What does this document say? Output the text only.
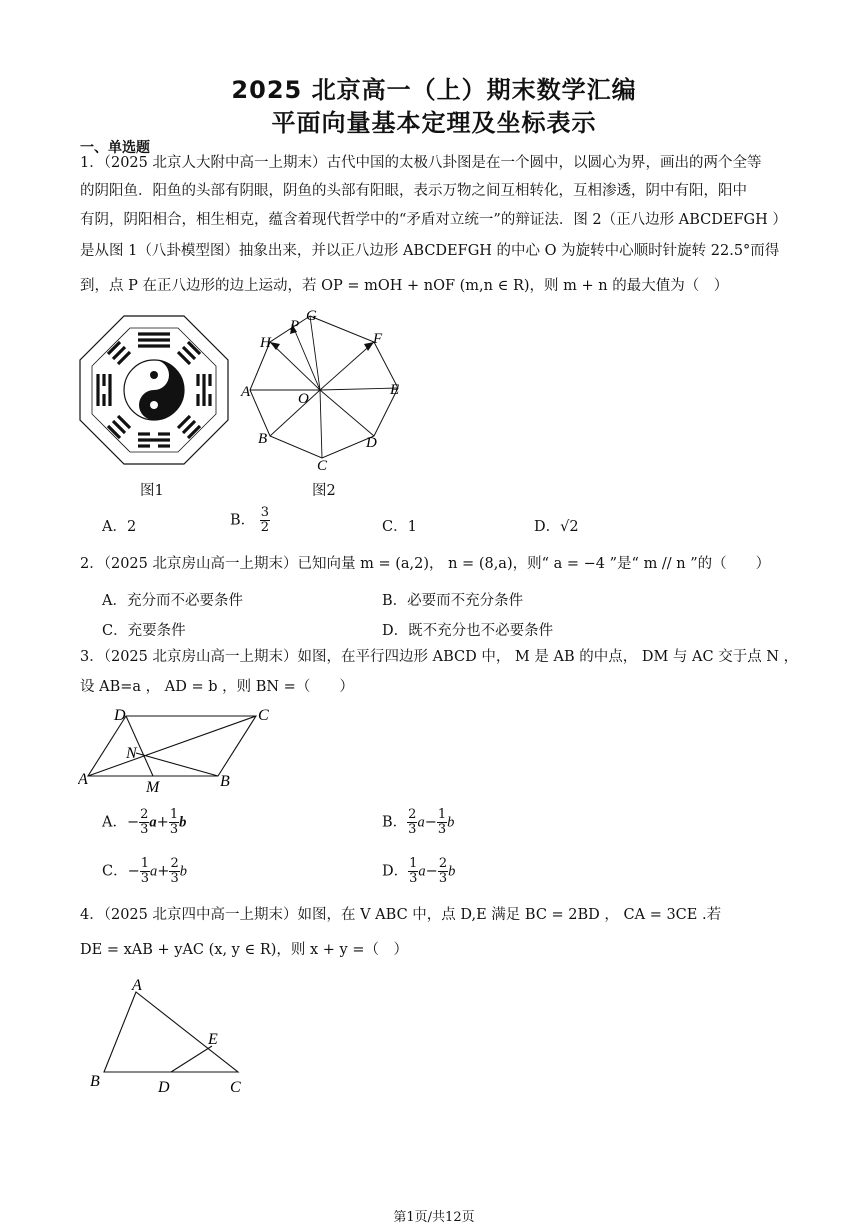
2025 北京高一（上）期末数学汇编
平面向量基本定理及坐标表示
一、单选题
1．（2025 北京人大附中高一上期末）古代中国的太极八卦图是在一个圆中，以圆心为界，画出的两个全等
的阴阳鱼．阳鱼的头部有阴眼，阴鱼的头部有阳眼，表示万物之间互相转化，互相渗透，阴中有阳，阳中
有阴，阴阳相合，相生相克，蕴含着现代哲学中的“矛盾对立统一”的辩证法．图 2（正八边形 ABCDEFGH ）
是从图 1（八卦模型图）抽象出来，并以正八边形 ABCDEFGH 的中心 O 为旋转中心顺时针旋转 22.5°而得
到，点 P 在正八边形的边上运动，若 OP = mOH + nOF (m,n ∈ R)，则 m + n 的最大值为（　）
图1
G
P
F
H
E
A	O
B	D
C
图2
A．2	B． $\frac{3}{2}$	C．1	D．√2
2．（2025 北京房山高一上期末）已知向量 m = (a,2)， n = (8,a)，则“ a = −4 ”是“ m // n ”的（　　）
A．充分而不必要条件	B．必要而不充分条件
C．充要条件	D．既不充分也不必要条件
3．（2025 北京房山高一上期末）如图，在平行四边形 ABCD 中， M 是 AB 的中点， DM 与 AC 交于点 N ，
设 AB=a ， AD = b ，则 BN =（　　）
D	C
N
A	M	B
A．− $\frac{2}{3} a+ \frac{1}{3}$ b	B． $\frac{2}{3} a- \frac{1}{3}$ b
C．− $\frac{1}{3} a+ \frac{2}{3}$ b	D． $\frac{1}{3} a- \frac{2}{3}$ b
4．（2025 北京四中高一上期末）如图，在 V ABC 中，点 D,E 满足 BC = 2BD ， CA = 3CE .若
DE = xAB + yAC (x, y ∈ R)，则 x + y =（　）
A
E
B	D	C
第1页/共12页
